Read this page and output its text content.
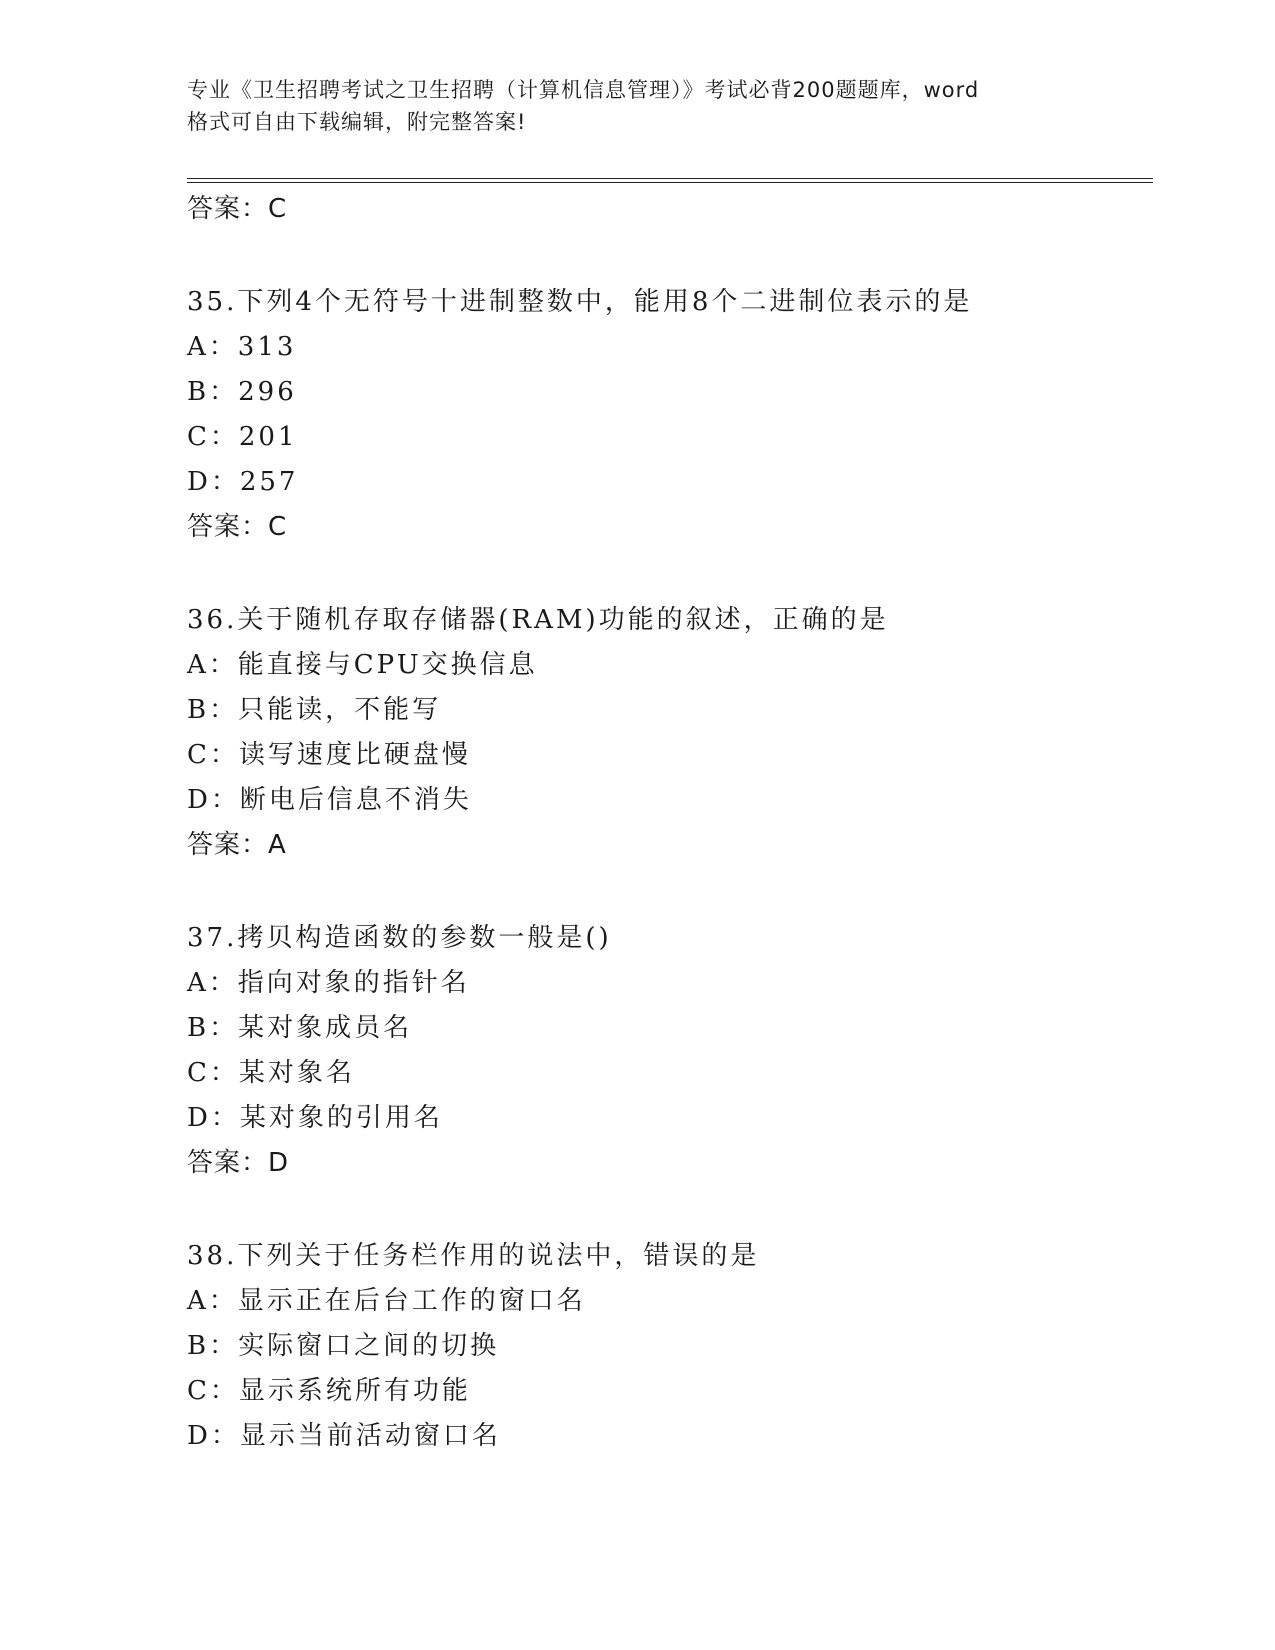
专业《卫生招聘考试之卫生招聘（计算机信息管理）》考试必背200题题库，word
格式可自由下载编辑，附完整答案!
答案：C
35.下列4个无符号十进制整数中，能用8个二进制位表示的是
A：313
B：296
C：201
D：257
答案：C
36.关于随机存取存储器(RAM)功能的叙述，正确的是
A：能直接与CPU交换信息
B：只能读，不能写
C：读写速度比硬盘慢
D：断电后信息不消失
答案：A
37.拷贝构造函数的参数一般是()
A：指向对象的指针名
B：某对象成员名
C：某对象名
D：某对象的引用名
答案：D
38.下列关于任务栏作用的说法中，错误的是
A：显示正在后台工作的窗口名
B：实际窗口之间的切换
C：显示系统所有功能
D：显示当前活动窗口名
